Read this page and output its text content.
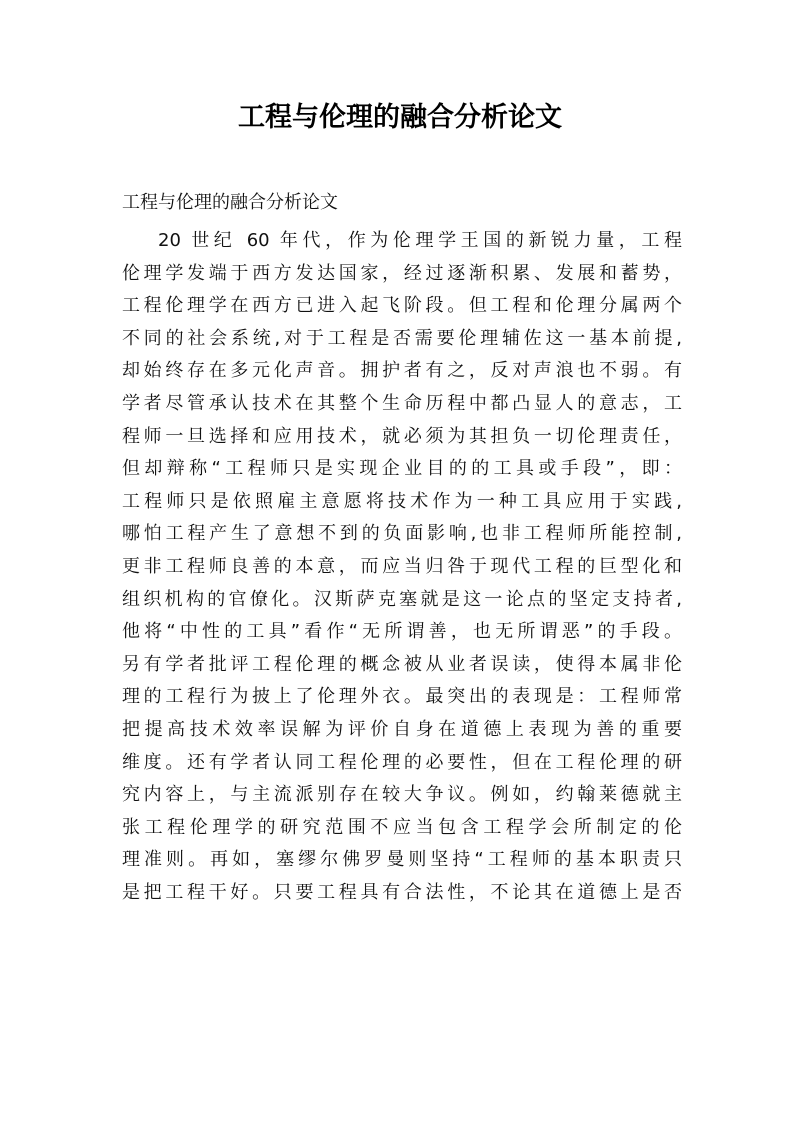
工程与伦理的融合分析论文

工程与伦理的融合分析论文

20 世纪 60 年代，作为伦理学王国的新锐力量，工程
伦理学发端于西方发达国家，经过逐渐积累、发展和蓄势，
工程伦理学在西方已进入起飞阶段。但工程和伦理分属两个
不同的社会系统,对于工程是否需要伦理辅佐这一基本前提,
却始终存在多元化声音。拥护者有之，反对声浪也不弱。有
学者尽管承认技术在其整个生命历程中都凸显人的意志，工
程师一旦选择和应用技术，就必须为其担负一切伦理责任，
但却辩称“工程师只是实现企业目的的工具或手段”，即：
工程师只是依照雇主意愿将技术作为一种工具应用于实践,
哪怕工程产生了意想不到的负面影响,也非工程师所能控制,
更非工程师良善的本意，而应当归咎于现代工程的巨型化和
组织机构的官僚化。汉斯萨克塞就是这一论点的坚定支持者,
他将“中性的工具”看作“无所谓善，也无所谓恶”的手段。
另有学者批评工程伦理的概念被从业者误读，使得本属非伦
理的工程行为披上了伦理外衣。最突出的表现是：工程师常
把提高技术效率误解为评价自身在道德上表现为善的重要
维度。还有学者认同工程伦理的必要性，但在工程伦理的研
究内容上，与主流派别存在较大争议。例如，约翰莱德就主
张工程伦理学的研究范围不应当包含工程学会所制定的伦
理准则。再如，塞缪尔佛罗曼则坚持“工程师的基本职责只
是把工程干好。只要工程具有合法性，不论其在道德上是否
